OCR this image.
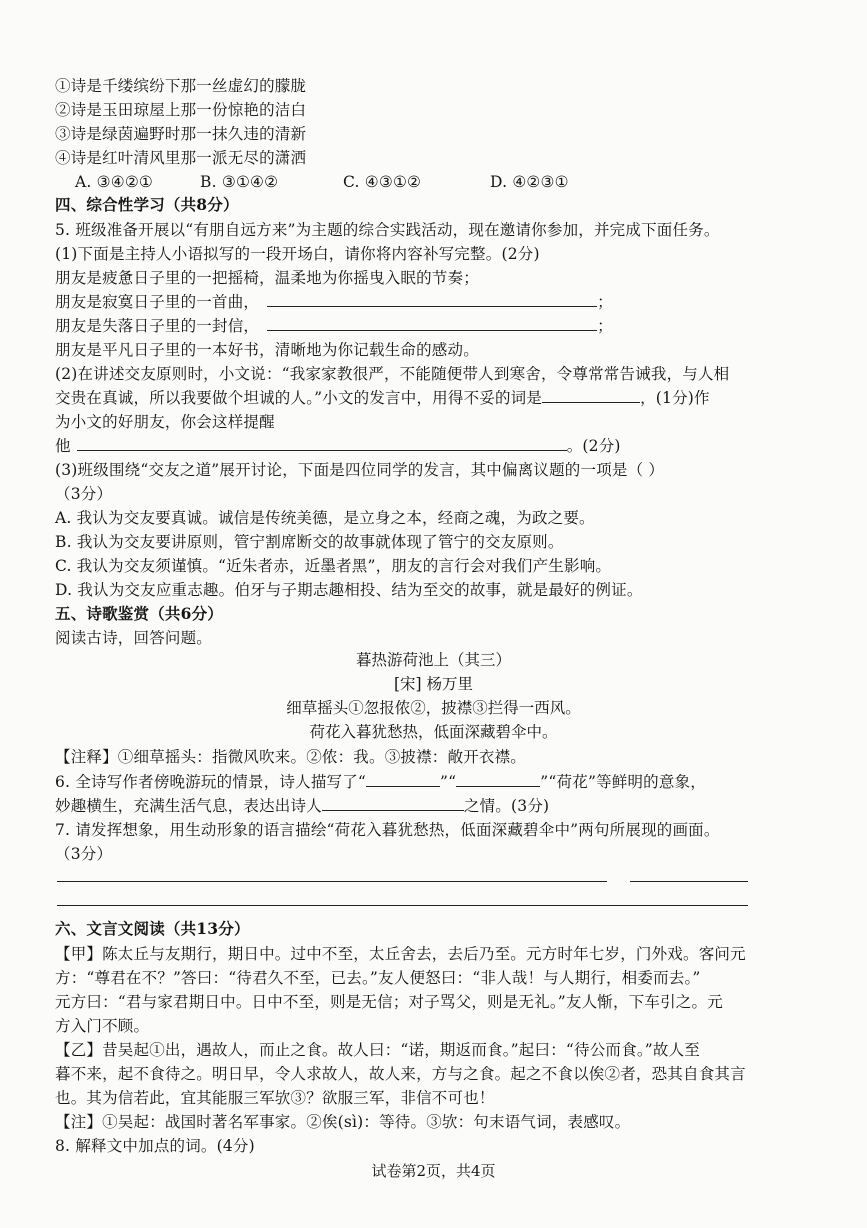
①诗是千缕缤纷下那一丝虚幻的朦胧
②诗是玉田琼屋上那一份惊艳的洁白
③诗是绿茵遍野时那一抹久违的清新
④诗是红叶清风里那一派无尽的潇洒
A. ③④②①	B. ③①④②	C. ④③①②	D. ④②③①
四、综合性学习（共8分）
5. 班级准备开展以“有朋自远方来”为主题的综合实践活动，现在邀请你参加，并完成下面任务。
(1)下面是主持人小语拟写的一段开场白，请你将内容补写完整。(2分)
朋友是疲惫日子里的一把摇椅，温柔地为你摇曳入眠的节奏；
朋友是寂寞日子里的一首曲，	；
朋友是失落日子里的一封信，	；
朋友是平凡日子里的一本好书，清晰地为你记载生命的感动。
(2)在讲述交友原则时，小文说：“我家家教很严，不能随便带人到寒舍，令尊常常告诫我，与人相
交贵在真诚，所以我要做个坦诚的人。”小文的发言中，用得不妥的词是	，(1分)作
为小文的好朋友，你会这样提醒
他	。(2分)
(3)班级围绕“交友之道”展开讨论，下面是四位同学的发言，其中偏离议题的一项是（ ）
（3分）
A. 我认为交友要真诚。诚信是传统美德，是立身之本，经商之魂，为政之要。
B. 我认为交友要讲原则，管宁割席断交的故事就体现了管宁的交友原则。
C. 我认为交友须谨慎。“近朱者赤，近墨者黑”，朋友的言行会对我们产生影响。
D. 我认为交友应重志趣。伯牙与子期志趣相投、结为至交的故事，就是最好的例证。
五、诗歌鉴赏（共6分）
阅读古诗，回答问题。
暮热游荷池上（其三）
[宋] 杨万里
细草摇头①忽报侬②，披襟③拦得一西风。
荷花入暮犹愁热，低面深藏碧伞中。
【注释】①细草摇头：指微风吹来。②侬：我。③披襟：敞开衣襟。
6. 全诗写作者傍晚游玩的情景，诗人描写了“	”“	”“荷花”等鲜明的意象，
妙趣横生，充满生活气息，表达出诗人	之情。(3分)
7. 请发挥想象，用生动形象的语言描绘“荷花入暮犹愁热，低面深藏碧伞中”两句所展现的画面。
（3分）
六、文言文阅读（共13分）
【甲】陈太丘与友期行，期日中。过中不至，太丘舍去，去后乃至。元方时年七岁，门外戏。客问元
方：“尊君在不？”答曰：“待君久不至，已去。”友人便怒曰：“非人哉！与人期行，相委而去。”
元方曰：“君与家君期日中。日中不至，则是无信；对子骂父，则是无礼。”友人惭，下车引之。元
方入门不顾。
【乙】昔吴起①出，遇故人，而止之食。故人曰：“诺，期返而食。”起曰：“待公而食。”故人至
暮不来，起不食待之。明日早，令人求故人，故人来，方与之食。起之不食以俟②者，恐其自食其言
也。其为信若此，宜其能服三军欤③？欲服三军，非信不可也！
【注】①吴起：战国时著名军事家。②俟(sì)：等待。③欤：句末语气词，表感叹。
8. 解释文中加点的词。(4分)
试卷第2页，共4页
